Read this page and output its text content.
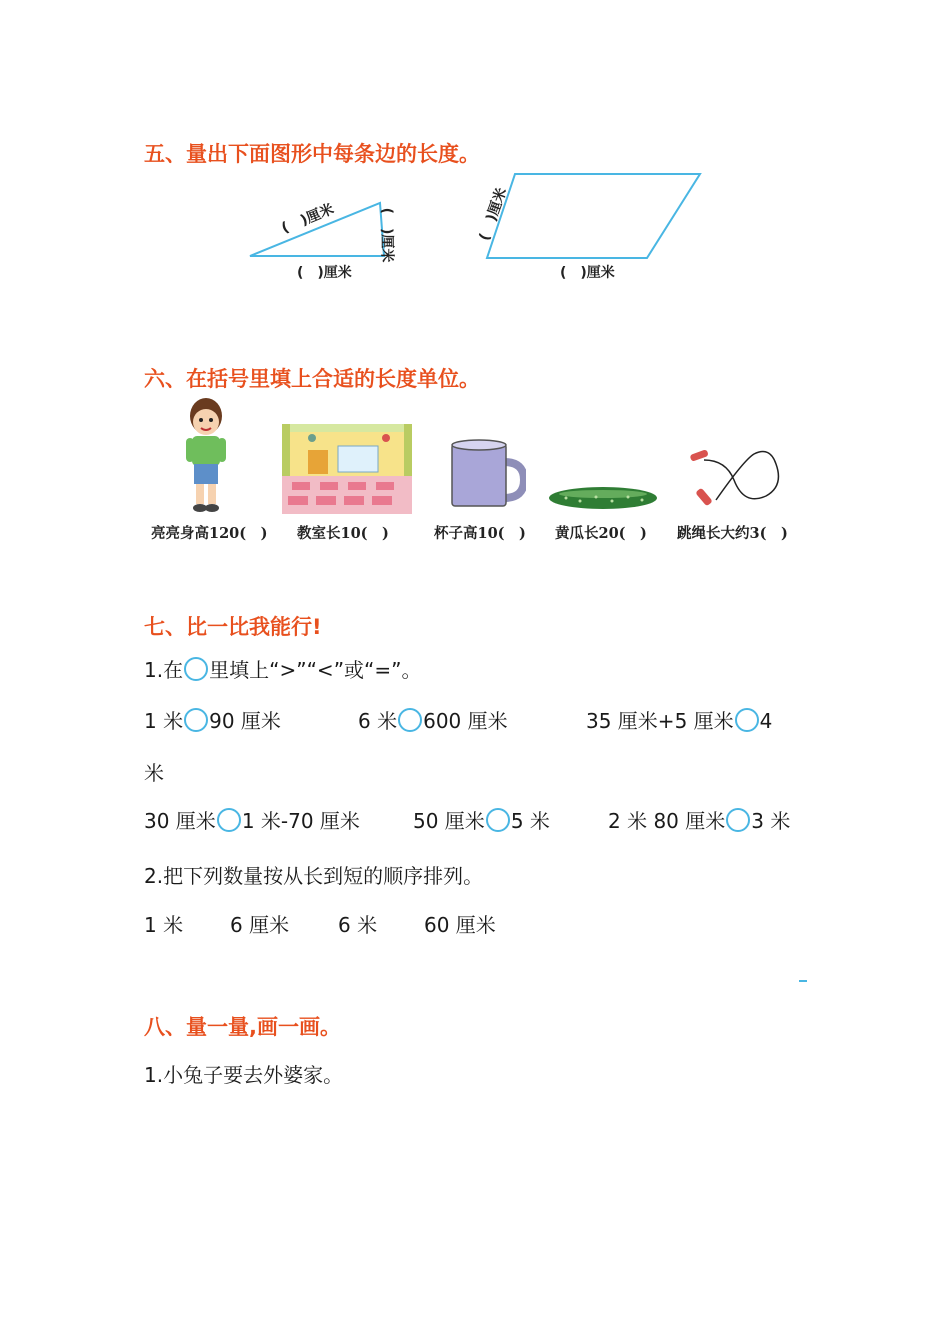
五、量出下面图形中每条边的长度。
(　)厘米	(　)厘米
(　)厘米
(　)厘米
(　)厘米
六、在括号里填上合适的长度单位。
亮亮身高120(　) 教室长10(　)	杯子高10(　) 黄瓜长20(　) 跳绳长大约3(　)
七、比一比我能行!
1.在 里填上“>”“<”或“=”。
1 米 90 厘米	6 米 600 厘米	35 厘米+5 厘米 4
米
30 厘米 1 米-70 厘米	50 厘米 5 米	2 米 80 厘米 3 米
2.把下列数量按从长到短的顺序排列。
1 米 6 厘米 6 米 60 厘米
八、量一量,画一画。
1.小兔子要去外婆家。
